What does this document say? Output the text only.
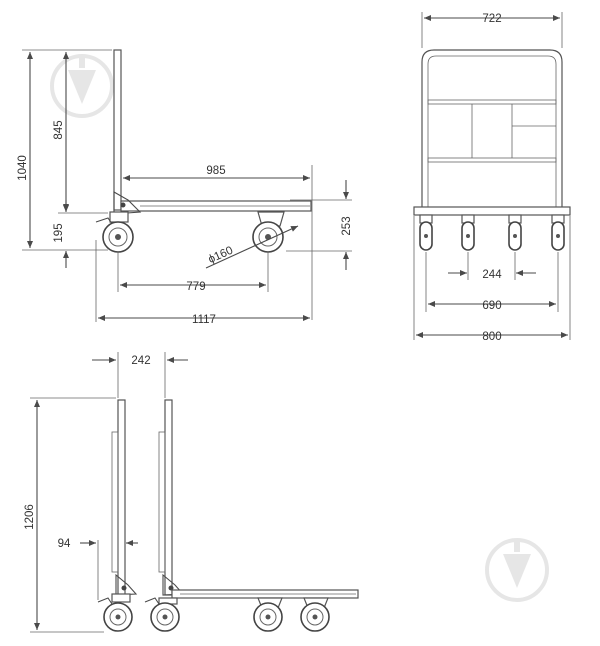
1040
845
195
985
253
ϕ160
779
1117
722
244
690
800
242
1206
94
